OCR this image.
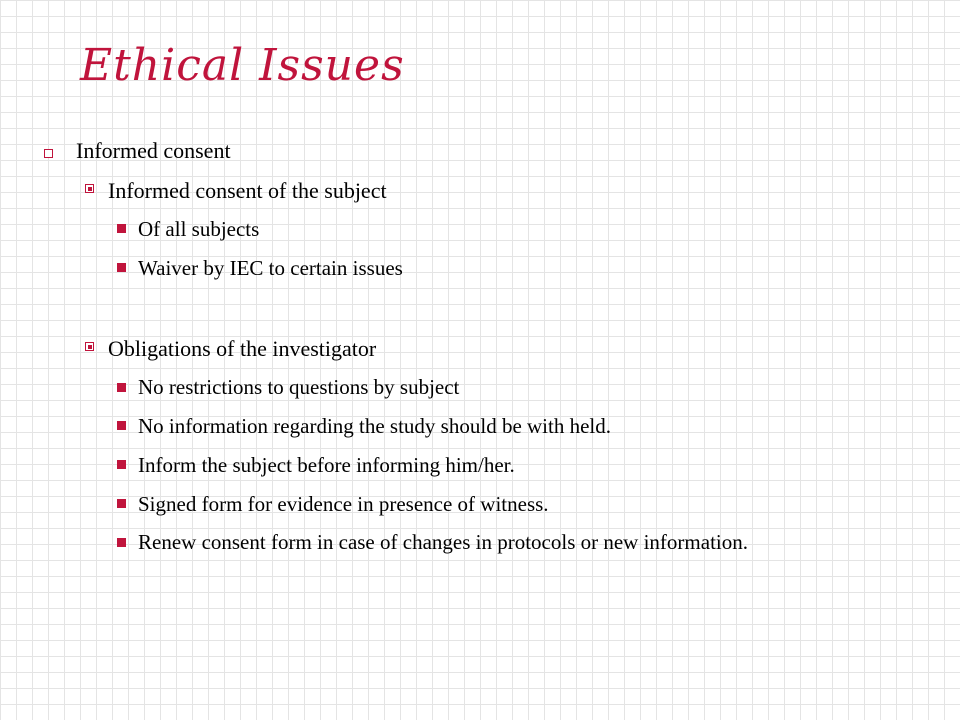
Ethical Issues
Informed consent
Informed consent of the subject
Of all subjects
Waiver by IEC to certain issues
Obligations of the investigator
No restrictions to questions by subject
No information regarding the study should be with held.
Inform the subject before informing him/her.
Signed form for evidence in presence of witness.
Renew consent form in case of changes in protocols or new information.
